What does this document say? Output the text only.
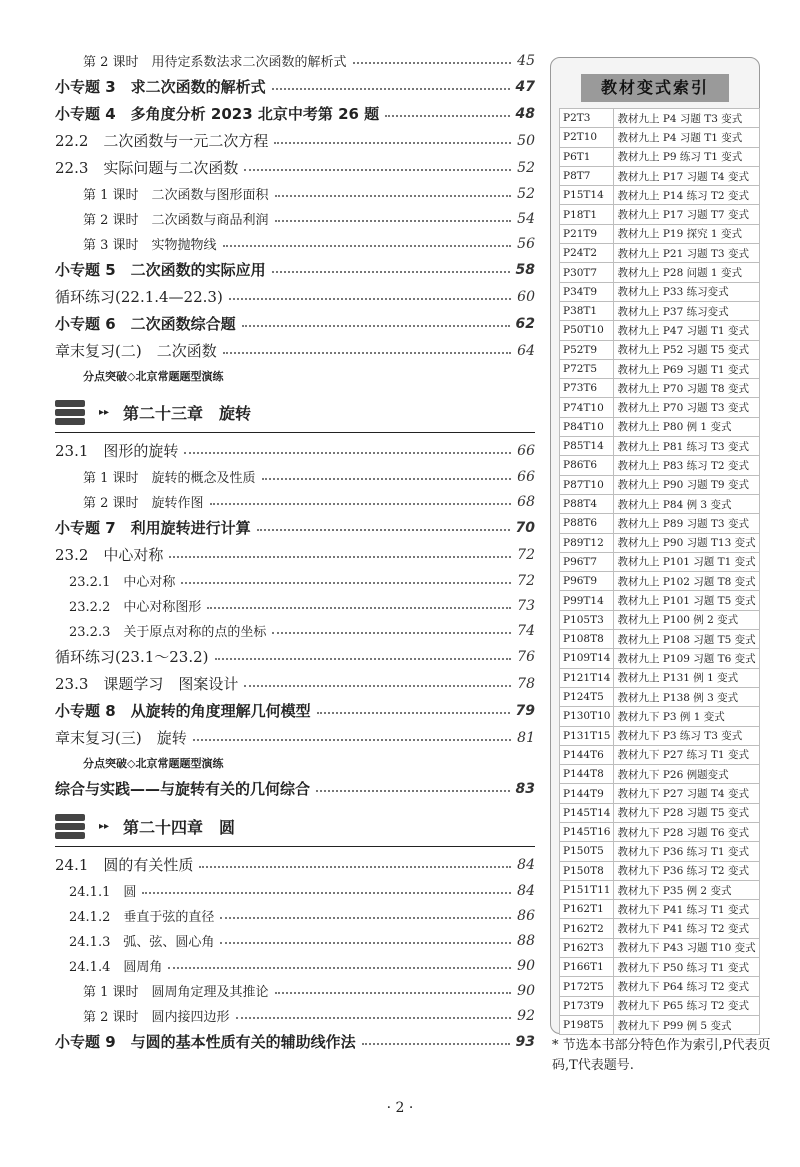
第 2 课时　用待定系数法求二次函数的解析式	45
小专题 3　求二次函数的解析式	47
小专题 4　多角度分析 2023 北京中考第 26 题	48
22.2　二次函数与一元二次方程	50
22.3　实际问题与二次函数	52
第 1 课时　二次函数与图形面积	52
第 2 课时　二次函数与商品利润	54
第 3 课时　实物抛物线	56
小专题 5　二次函数的实际应用	58
循环练习(22.1.4—22.3)	60
小专题 6　二次函数综合题	62
章末复习(二)　二次函数	64
分点突破◇北京常题题型演练
▸▸ 第二十三章　旋转
23.1　图形的旋转	66
第 1 课时　旋转的概念及性质	66
第 2 课时　旋转作图	68
小专题 7　利用旋转进行计算	70
23.2　中心对称	72
23.2.1　中心对称	72
23.2.2　中心对称图形	73
23.2.3　关于原点对称的点的坐标	74
循环练习(23.1～23.2)	76
23.3　课题学习　图案设计	78
小专题 8　从旋转的角度理解几何模型	79
章末复习(三)　旋转	81
分点突破◇北京常题题型演练
综合与实践——与旋转有关的几何综合	83
▸▸ 第二十四章　圆
24.1　圆的有关性质	84
24.1.1　圆	84
24.1.2　垂直于弦的直径	86
24.1.3　弧、弦、圆心角	88
24.1.4　圆周角	90
第 1 课时　圆周角定理及其推论	90
第 2 课时　圆内接四边形	92
小专题 9　与圆的基本性质有关的辅助线作法	93
教材变式索引
P2T3	教材九上 P4 习题 T3 变式
P2T10	教材九上 P4 习题 T1 变式
P6T1	教材九上 P9 练习 T1 变式
P8T7	教材九上 P17 习题 T4 变式
P15T14	教材九上 P14 练习 T2 变式
P18T1	教材九上 P17 习题 T7 变式
P21T9	教材九上 P19 探究 1 变式
P24T2	教材九上 P21 习题 T3 变式
P30T7	教材九上 P28 问题 1 变式
P34T9	教材九上 P33 练习变式
P38T1	教材九上 P37 练习变式
P50T10	教材九上 P47 习题 T1 变式
P52T9	教材九上 P52 习题 T5 变式
P72T5	教材九上 P69 习题 T1 变式
P73T6	教材九上 P70 习题 T8 变式
P74T10	教材九上 P70 习题 T3 变式
P84T10	教材九上 P80 例 1 变式
P85T14	教材九上 P81 练习 T3 变式
P86T6	教材九上 P83 练习 T2 变式
P87T10	教材九上 P90 习题 T9 变式
P88T4	教材九上 P84 例 3 变式
P88T6	教材九上 P89 习题 T3 变式
P89T12	教材九上 P90 习题 T13 变式
P96T7	教材九上 P101 习题 T1 变式
P96T9	教材九上 P102 习题 T8 变式
P99T14	教材九上 P101 习题 T5 变式
P105T3	教材九上 P100 例 2 变式
P108T8	教材九上 P108 习题 T5 变式
P109T14	教材九上 P109 习题 T6 变式
P121T14	教材九上 P131 例 1 变式
P124T5	教材九上 P138 例 3 变式
P130T10	教材九下 P3 例 1 变式
P131T15	教材九下 P3 练习 T3 变式
P144T6	教材九下 P27 练习 T1 变式
P144T8	教材九下 P26 例题变式
P144T9	教材九下 P27 习题 T4 变式
P145T14	教材九下 P28 习题 T5 变式
P145T16	教材九下 P28 习题 T6 变式
P150T5	教材九下 P36 练习 T1 变式
P150T8	教材九下 P36 练习 T2 变式
P151T11	教材九下 P35 例 2 变式
P162T1	教材九下 P41 练习 T1 变式
P162T2	教材九下 P41 练习 T2 变式
P162T3	教材九下 P43 习题 T10 变式
P166T1	教材九下 P50 练习 T1 变式
P172T5	教材九下 P64 练习 T2 变式
P173T9	教材九下 P65 练习 T2 变式
P198T5	教材九下 P99 例 5 变式
* 节选本书部分特色作为索引,P代表页码,T代表题号.
· 2 ·
